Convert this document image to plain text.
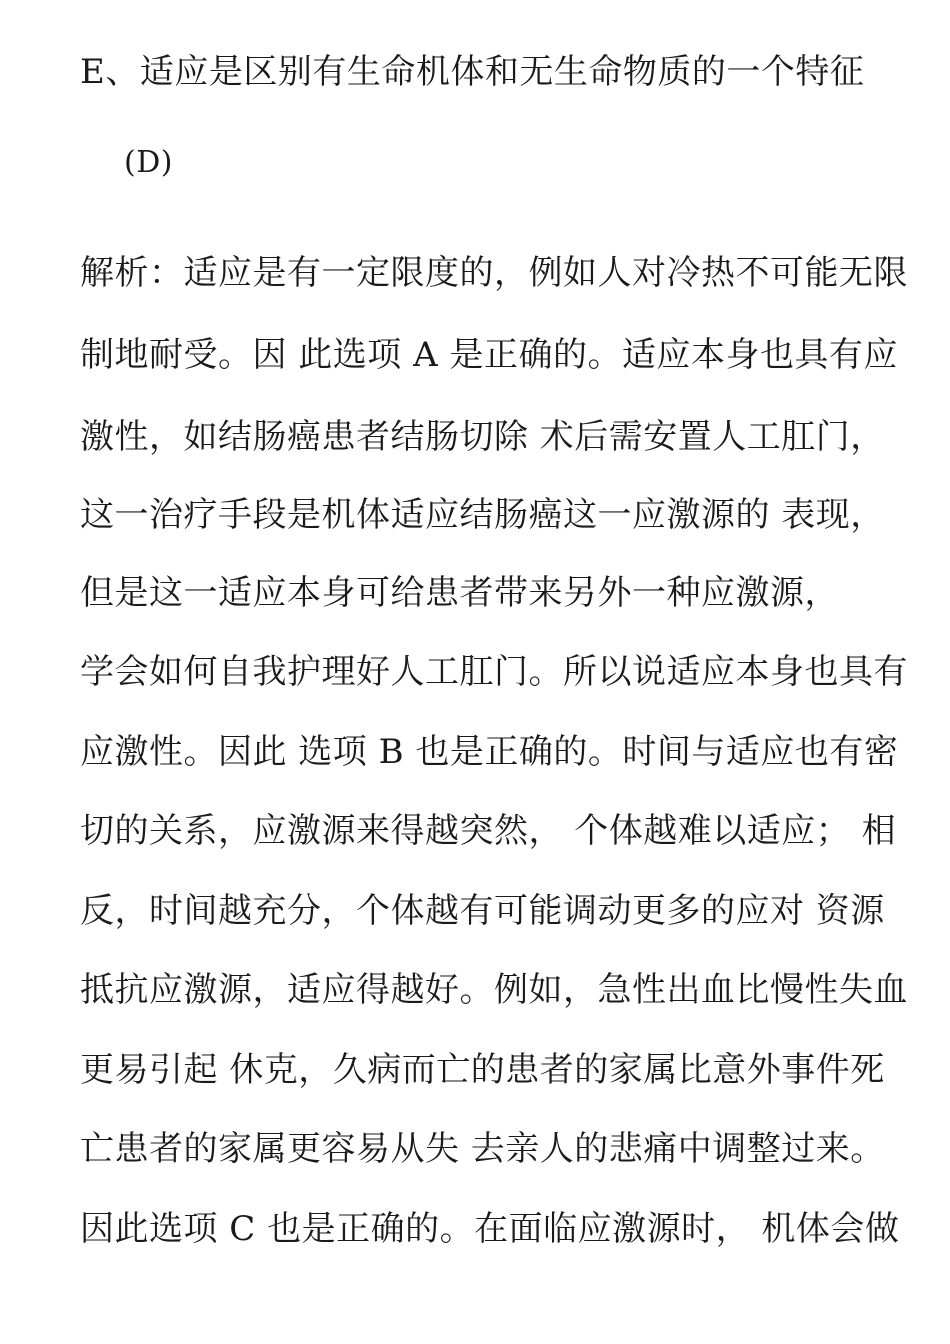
E、适应是区别有生命机体和无生命物质的一个特征
(D)
解析：适应是有一定限度的，例如人对冷热不可能无限
制地耐受。因 此选项 A 是正确的。适应本身也具有应
激性，如结肠癌患者结肠切除 术后需安置人工肛门，
这一治疗手段是机体适应结肠癌这一应激源的 表现，
但是这一适应本身可给患者带来另外一种应激源，
学会如何自我护理好人工肛门。所以说适应本身也具有
应激性。因此 选项 B 也是正确的。时间与适应也有密
切的关系，应激源来得越突然， 个体越难以适应； 相
反，时间越充分，个体越有可能调动更多的应对 资源
抵抗应激源，适应得越好。例如，急性出血比慢性失血
更易引起 休克，久病而亡的患者的家属比意外事件死
亡患者的家属更容易从失 去亲人的悲痛中调整过来。
因此选项 C 也是正确的。在面临应激源时， 机体会做
